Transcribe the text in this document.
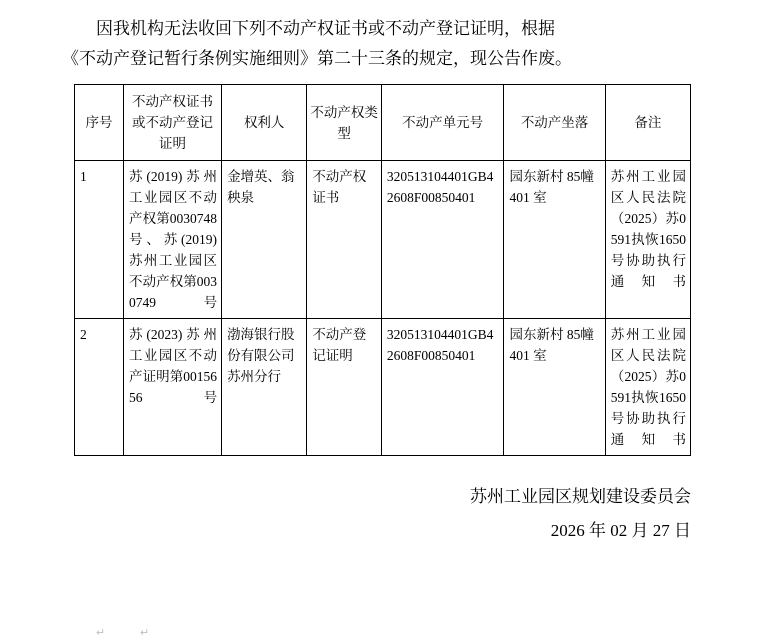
因我机构无法收回下列不动产权证书或不动产登记证明，根据

《不动产登记暂行条例实施细则》第二十三条的规定，现公告作废。

序号	不动产权证书或不动产登记证明	权利人	不动产权类型	不动产单元号	不动产坐落	备注
1	苏(2019)苏州工业园区不动产权第0030748号、苏(2019)苏州工业园区不动产权第0030749号	金增英、翁秧泉	不动产权证书	320513104401GB42608F00850401	园东新村 85幢 401 室	苏州工业园区人民法院（2025）苏0591执恢1650号协助执行通知书
2	苏(2023)苏州工业园区不动产证明第0015656号	渤海银行股份有限公司苏州分行	不动产登记证明	320513104401GB42608F00850401	园东新村 85幢 401 室	苏州工业园区人民法院（2025）苏0591执恢1650号协助执行通知书
苏州工业园区规划建设委员会
2026 年 02 月 27 日
↵	↵
